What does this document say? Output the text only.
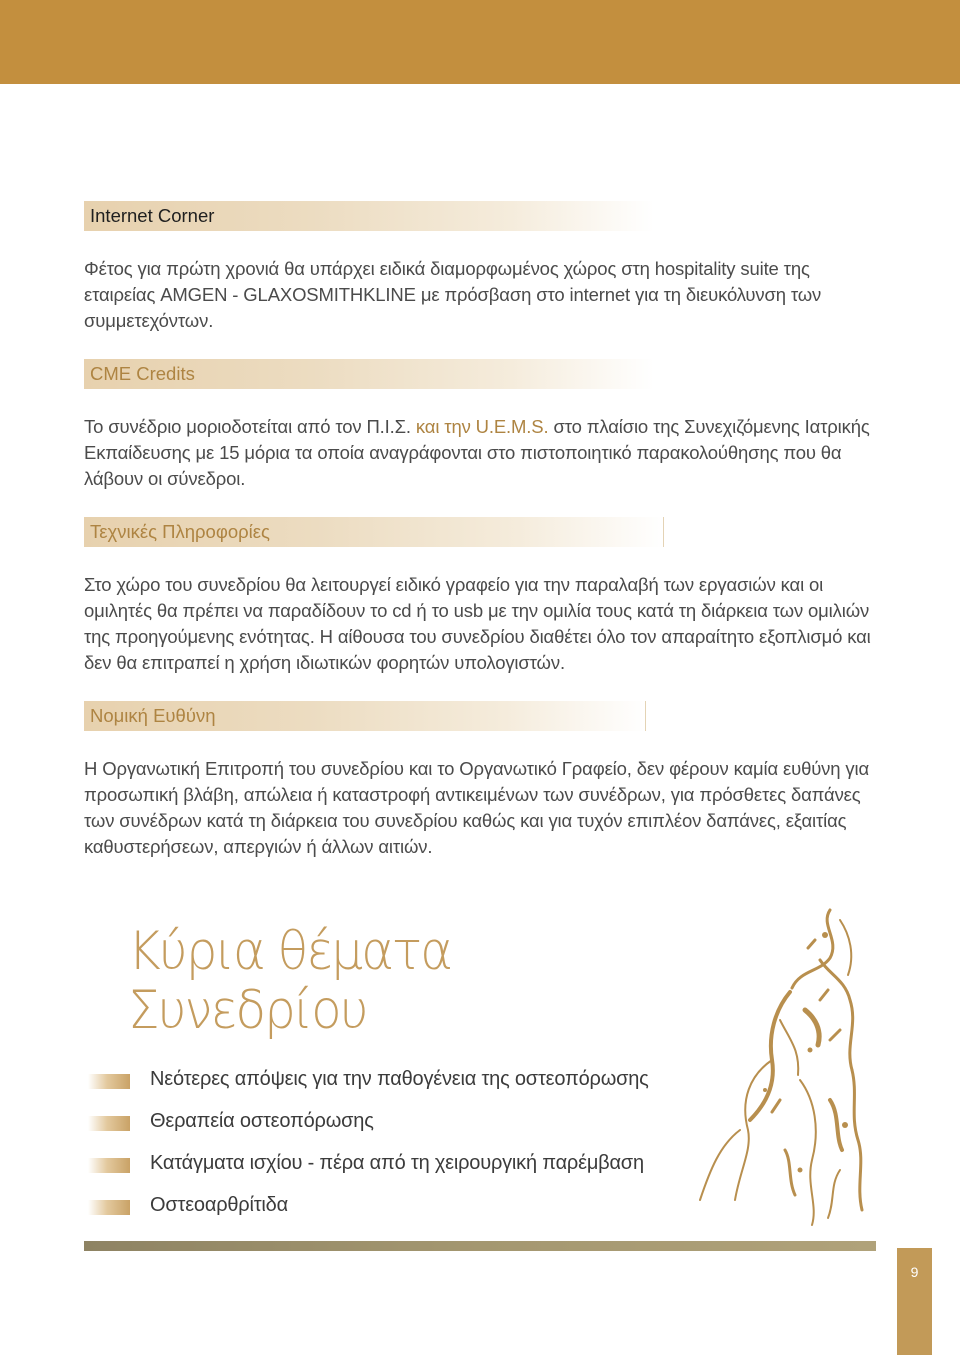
Internet Corner

Φέτος για πρώτη χρονιά θα υπάρχει ειδικά διαμορφωμένος χώρος στη hospitality suite της εταιρείας AMGEN - GLAXOSMITHKLINE με πρόσβαση στο internet για τη διευκόλυνση των συμμετεχόντων.

CME Credits

Το συνέδριο μοριοδοτείται από τον Π.Ι.Σ. και την U.E.M.S. στο πλαίσιο της Συνεχιζόμενης Ιατρικής Εκπαίδευσης με 15 μόρια τα οποία αναγράφονται στο πιστοποιητικό παρακολούθησης που θα λάβουν οι σύνεδροι.

Τεχνικές Πληροφορίες

Στο χώρο του συνεδρίου θα λειτουργεί ειδικό γραφείο για την παραλαβή των εργασιών και οι ομιλητές θα πρέπει να παραδίδουν το cd ή το usb με την ομιλία τους κατά τη διάρκεια των ομιλιών της προηγούμενης ενότητας. Η αίθουσα του συνεδρίου διαθέτει όλο τον απαραίτητο εξοπλισμό και δεν θα επιτραπεί η χρήση ιδιωτικών φορητών υπολογιστών.

Νομική Ευθύνη

Η Οργανωτική Επιτροπή του συνεδρίου και το Οργανωτικό Γραφείο, δεν φέρουν καμία ευθύνη για προσωπική βλάβη, απώλεια ή καταστροφή αντικειμένων των συνέδρων, για πρόσθετες δαπάνες των συνέδρων κατά τη διάρκεια του συνεδρίου καθώς και για τυχόν επιπλέον δαπάνες, εξαιτίας καθυστερήσεων, απεργιών ή άλλων αιτιών.

Κύρια θέματα
Συνεδρίου
Νεότερες απόψεις για την παθογένεια της οστεοπόρωσης
Θεραπεία οστεοπόρωσης
Κατάγματα ισχίου - πέρα από τη χειρουργική παρέμβαση
Οστεοαρθρίτιδα
9
